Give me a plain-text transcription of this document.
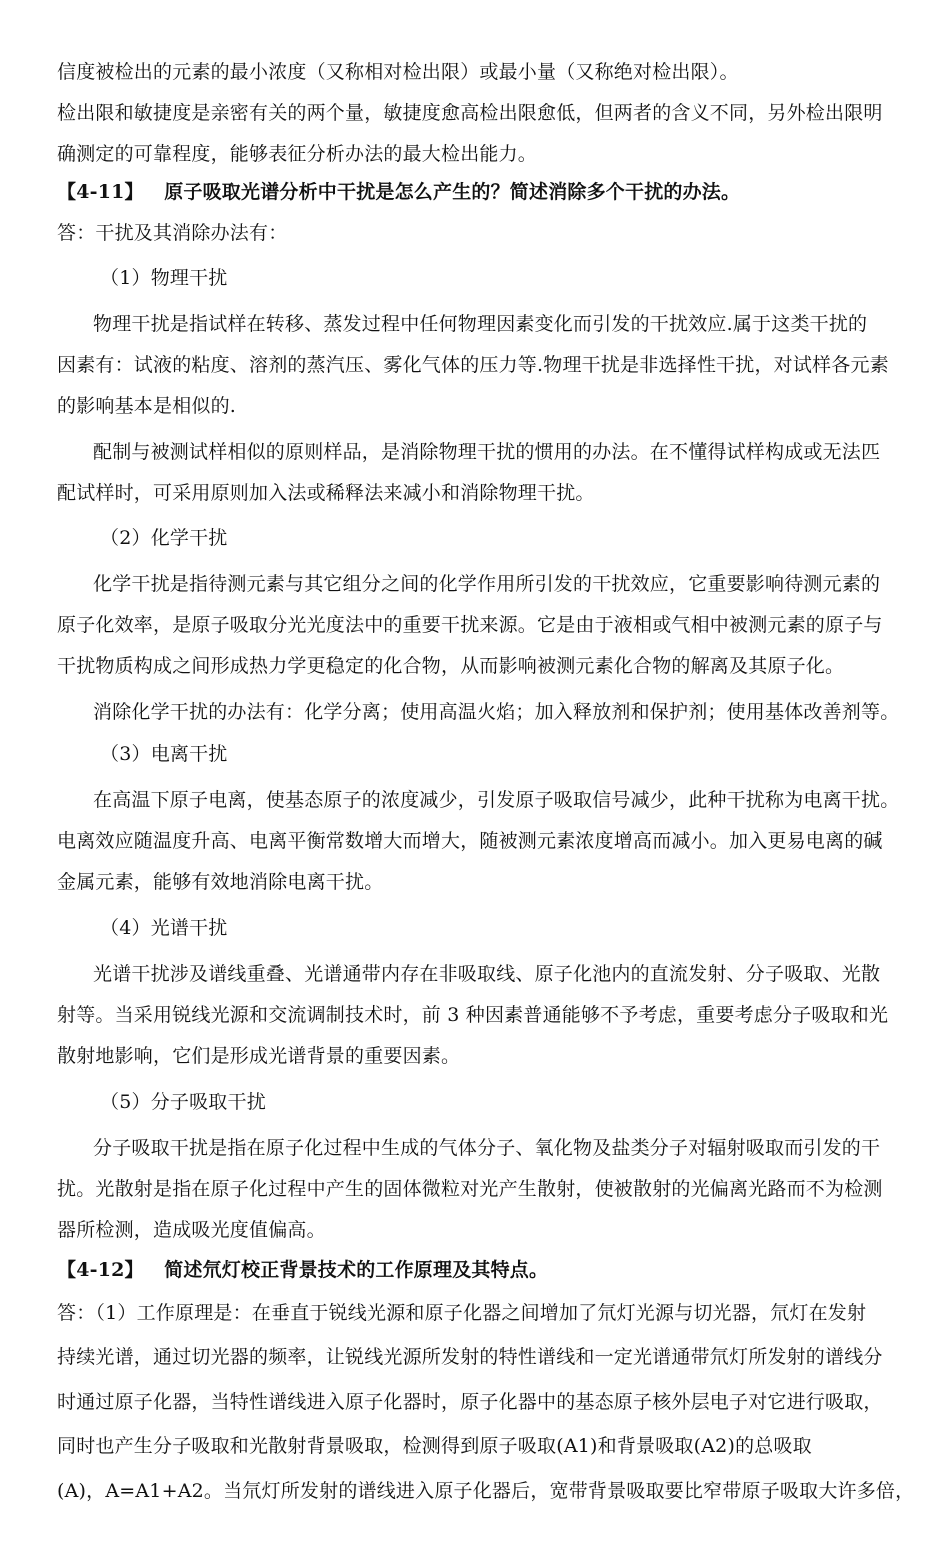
信度被检出的元素的最小浓度（又称相对检出限）或最小量（又称绝对检出限）。
检出限和敏捷度是亲密有关的两个量，敏捷度愈高检出限愈低，但两者的含义不同，另外检出限明
确测定的可靠程度，能够表征分析办法的最大检出能力。
【4-11】   原子吸取光谱分析中干扰是怎么产生的？简述消除多个干扰的办法。
答：干扰及其消除办法有：
（1）物理干扰
物理干扰是指试样在转移、蒸发过程中任何物理因素变化而引发的干扰效应.属于这类干扰的
因素有：试液的粘度、溶剂的蒸汽压、雾化气体的压力等.物理干扰是非选择性干扰，对试样各元素
的影响基本是相似的.
配制与被测试样相似的原则样品，是消除物理干扰的惯用的办法。在不懂得试样构成或无法匹
配试样时，可采用原则加入法或稀释法来减小和消除物理干扰。
（2）化学干扰
化学干扰是指待测元素与其它组分之间的化学作用所引发的干扰效应，它重要影响待测元素的
原子化效率，是原子吸取分光光度法中的重要干扰来源。它是由于液相或气相中被测元素的原子与
干扰物质构成之间形成热力学更稳定的化合物，从而影响被测元素化合物的解离及其原子化。
消除化学干扰的办法有：化学分离；使用高温火焰；加入释放剂和保护剂；使用基体改善剂等。
（3）电离干扰
在高温下原子电离，使基态原子的浓度减少，引发原子吸取信号减少，此种干扰称为电离干扰。
电离效应随温度升高、电离平衡常数增大而增大，随被测元素浓度增高而减小。加入更易电离的碱
金属元素，能够有效地消除电离干扰。
（4）光谱干扰
光谱干扰涉及谱线重叠、光谱通带内存在非吸取线、原子化池内的直流发射、分子吸取、光散
射等。当采用锐线光源和交流调制技术时，前 3 种因素普通能够不予考虑，重要考虑分子吸取和光
散射地影响，它们是形成光谱背景的重要因素。
（5）分子吸取干扰
分子吸取干扰是指在原子化过程中生成的气体分子、氧化物及盐类分子对辐射吸取而引发的干
扰。光散射是指在原子化过程中产生的固体微粒对光产生散射，使被散射的光偏离光路而不为检测
器所检测，造成吸光度值偏高。
【4-12】   简述氘灯校正背景技术的工作原理及其特点。
答：（1）工作原理是：在垂直于锐线光源和原子化器之间增加了氘灯光源与切光器，氘灯在发射
持续光谱，通过切光器的频率，让锐线光源所发射的特性谱线和一定光谱通带氘灯所发射的谱线分
时通过原子化器，当特性谱线进入原子化器时，原子化器中的基态原子核外层电子对它进行吸取，
同时也产生分子吸取和光散射背景吸取，检测得到原子吸取(A1)和背景吸取(A2)的总吸取
(A)，A=A1+A2。当氘灯所发射的谱线进入原子化器后，宽带背景吸取要比窄带原子吸取大许多倍，
